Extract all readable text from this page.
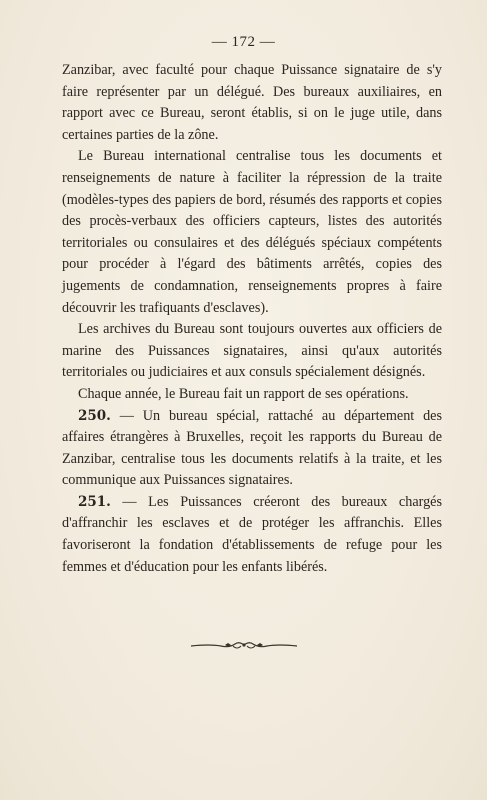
— 172 —

Zanzibar, avec faculté pour chaque Puissance signataire de s'y faire représenter par un délégué. Des bureaux auxiliaires, en rapport avec ce Bureau, seront établis, si on le juge utile, dans certaines parties de la zône.

Le Bureau international centralise tous les documents et renseignements de nature à faciliter la répression de la traite (modèles-types des papiers de bord, résumés des rapports et copies des procès-verbaux des officiers capteurs, listes des autorités territoriales ou consulaires et des délégués spéciaux compétents pour procéder à l'égard des bâtiments arrêtés, copies des jugements de condamnation, renseignements propres à faire découvrir les trafiquants d'esclaves).

Les archives du Bureau sont toujours ouvertes aux officiers de marine des Puissances signataires, ainsi qu'aux autorités territoriales ou judiciaires et aux consuls spécialement désignés.

Chaque année, le Bureau fait un rapport de ses opérations.

250. — Un bureau spécial, rattaché au département des affaires étrangères à Bruxelles, reçoit les rapports du Bureau de Zanzibar, centralise tous les documents relatifs à la traite, et les communique aux Puissances signataires.

251. — Les Puissances créeront des bureaux chargés d'affranchir les esclaves et de protéger les affranchis. Elles favoriseront la fondation d'établissements de refuge pour les femmes et d'éducation pour les enfants libérés.
